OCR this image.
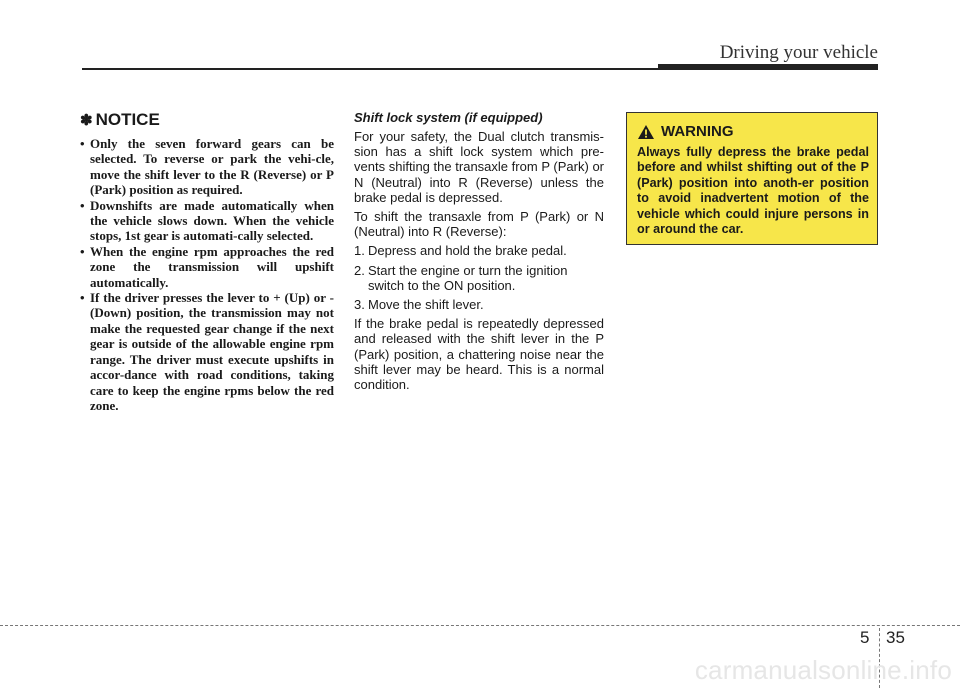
Driving your vehicle
✽ NOTICE
• Only the seven forward gears can be selected. To reverse or park the vehi-cle, move the shift lever to the R (Reverse) or P (Park) position as required.
• Downshifts are made automatically when the vehicle slows down. When the vehicle stops, 1st gear is automati-cally selected.
• When the engine rpm approaches the red zone the transmission will upshift automatically.
• If the driver presses the lever to + (Up) or - (Down) position, the transmission may not make the requested gear change if the next gear is outside of the allowable engine rpm range. The driver must execute upshifts in accor-dance with road conditions, taking care to keep the engine rpms below the red zone.

Shift lock system (if equipped)

For your safety, the Dual clutch transmis-sion has a shift lock system which pre-vents shifting the transaxle from P (Park) or N (Neutral) into R (Reverse) unless the brake pedal is depressed.

To shift the transaxle from P (Park) or N (Neutral) into R (Reverse):

1. Depress and hold the brake pedal.
2. Start the engine or turn the ignition switch to the ON position.
3. Move the shift lever.

If the brake pedal is repeatedly depressed and released with the shift lever in the P (Park) position, a chattering noise near the shift lever may be heard. This is a normal condition.

WARNING

Always fully depress the brake pedal before and whilst shifting out of the P (Park) position into anoth-er position to avoid inadvertent motion of the vehicle which could injure persons in or around the car.

5 35
carmanualsonline.info
